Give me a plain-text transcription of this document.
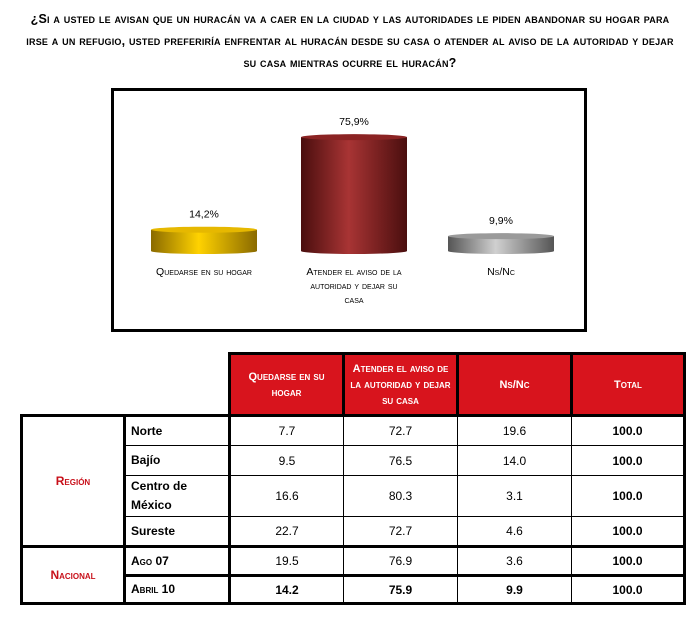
¿Si a usted le avisan que un huracán va a caer en la ciudad y las autoridades le piden abandonar su hogar para irse a un refugio, usted preferiría enfrentar al huracán desde su casa o atender al aviso de la autoridad y dejar su casa mientras ocurre el huracán?
14,2%
Quedarse en su hogar
75,9%
Atender el aviso de la
autoridad y dejar su
casa
9,9%
Ns/Nc
		Quedarse en su hogar	Atender el aviso de la autoridad y dejar su casa	Ns/Nc	Total
Región	Norte	7.7	72.7	19.6	100.0
	Bajío	9.5	76.5	14.0	100.0
	Centro de México	16.6	80.3	3.1	100.0
	Sureste	22.7	72.7	4.6	100.0
Nacional	Ago 07	19.5	76.9	3.6	100.0
	Abril 10	14.2	75.9	9.9	100.0
